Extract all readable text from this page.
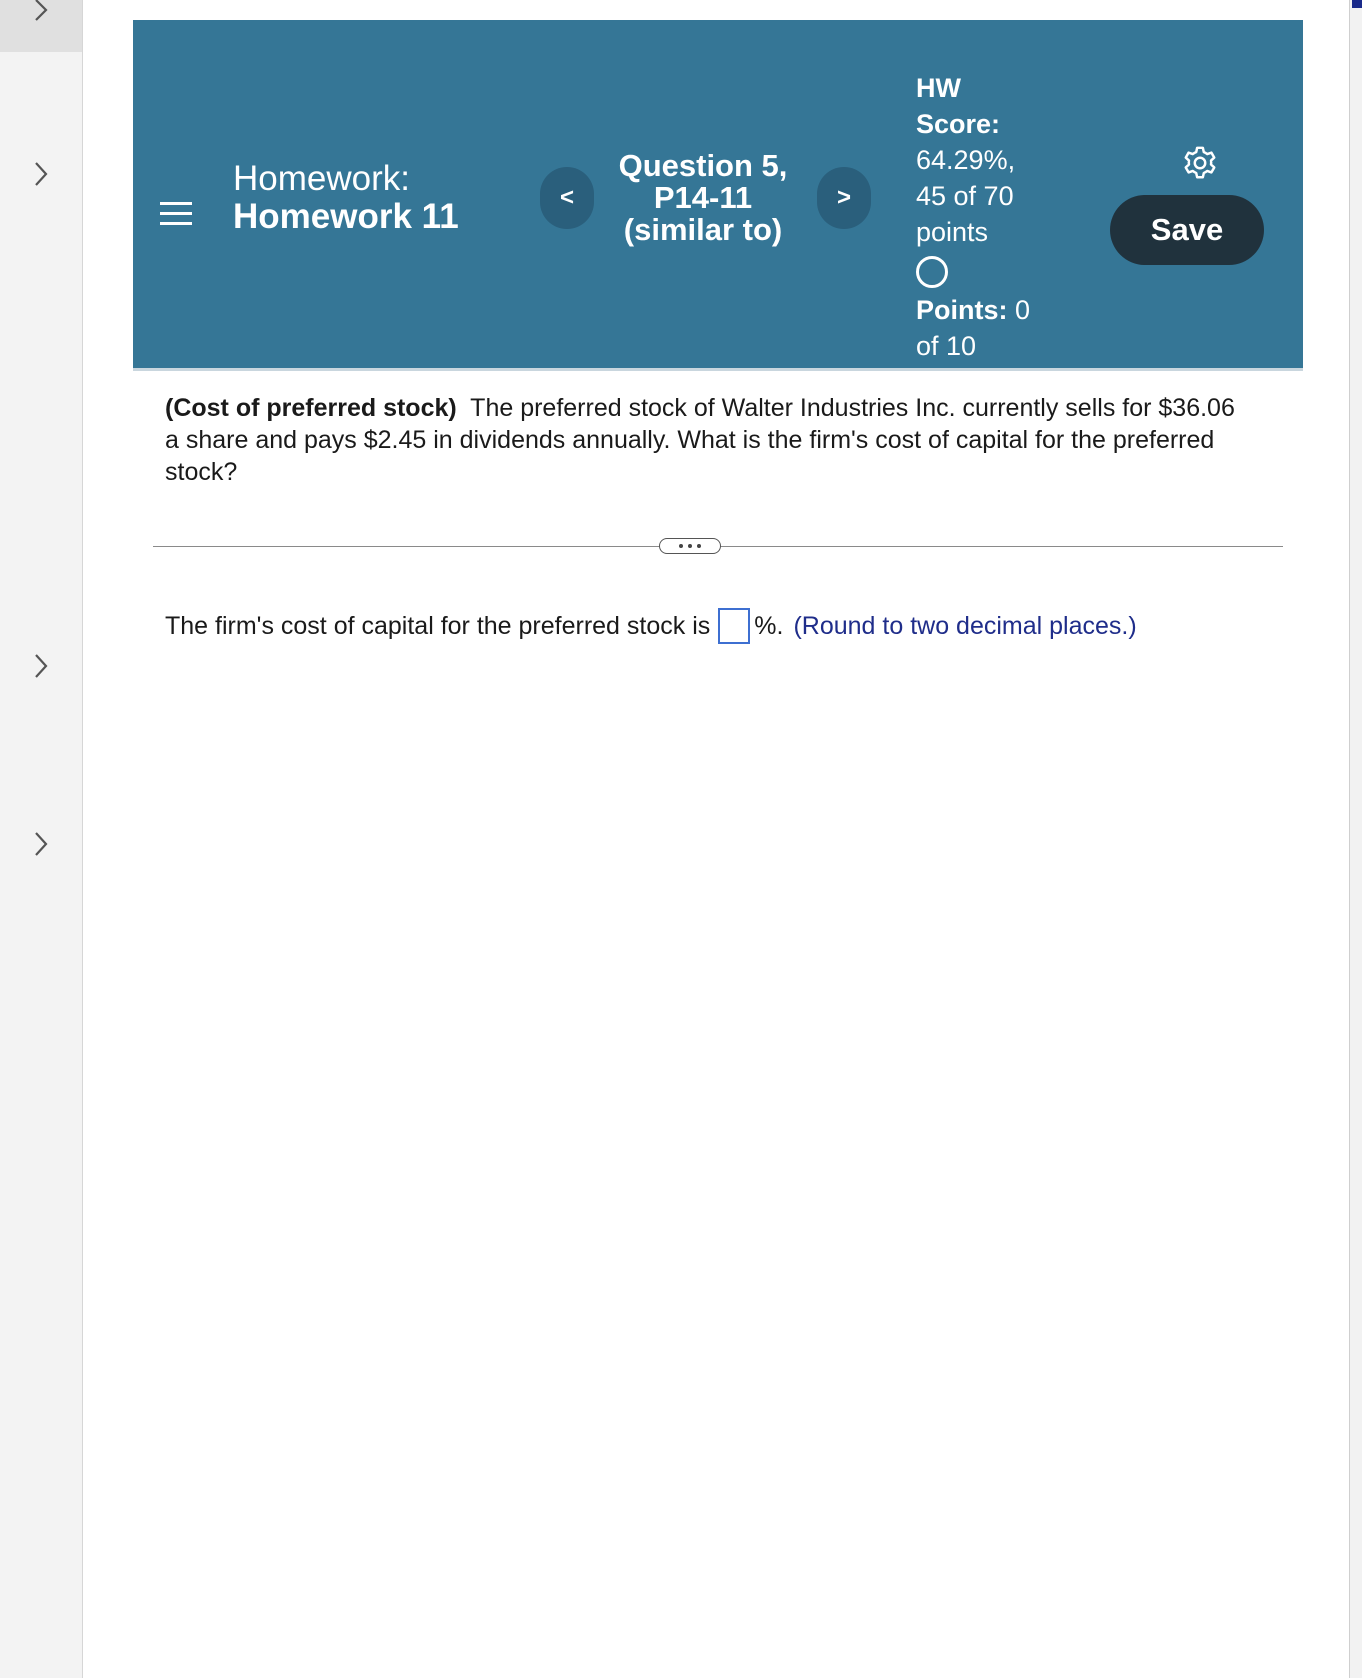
Homework:
Homework 11	<
Question 5,
P14-11
(similar to)
>
HW
Score:
64.29%,
45 of 70
points
Points: 0
of 10
Save
(Cost of preferred stock) The preferred stock of Walter Industries Inc. currently sells for $36.06 a share and pays $2.45 in dividends annually. What is the firm's cost of capital for the preferred stock?
The firm's cost of capital for the preferred stock is %. (Round to two decimal places.)
